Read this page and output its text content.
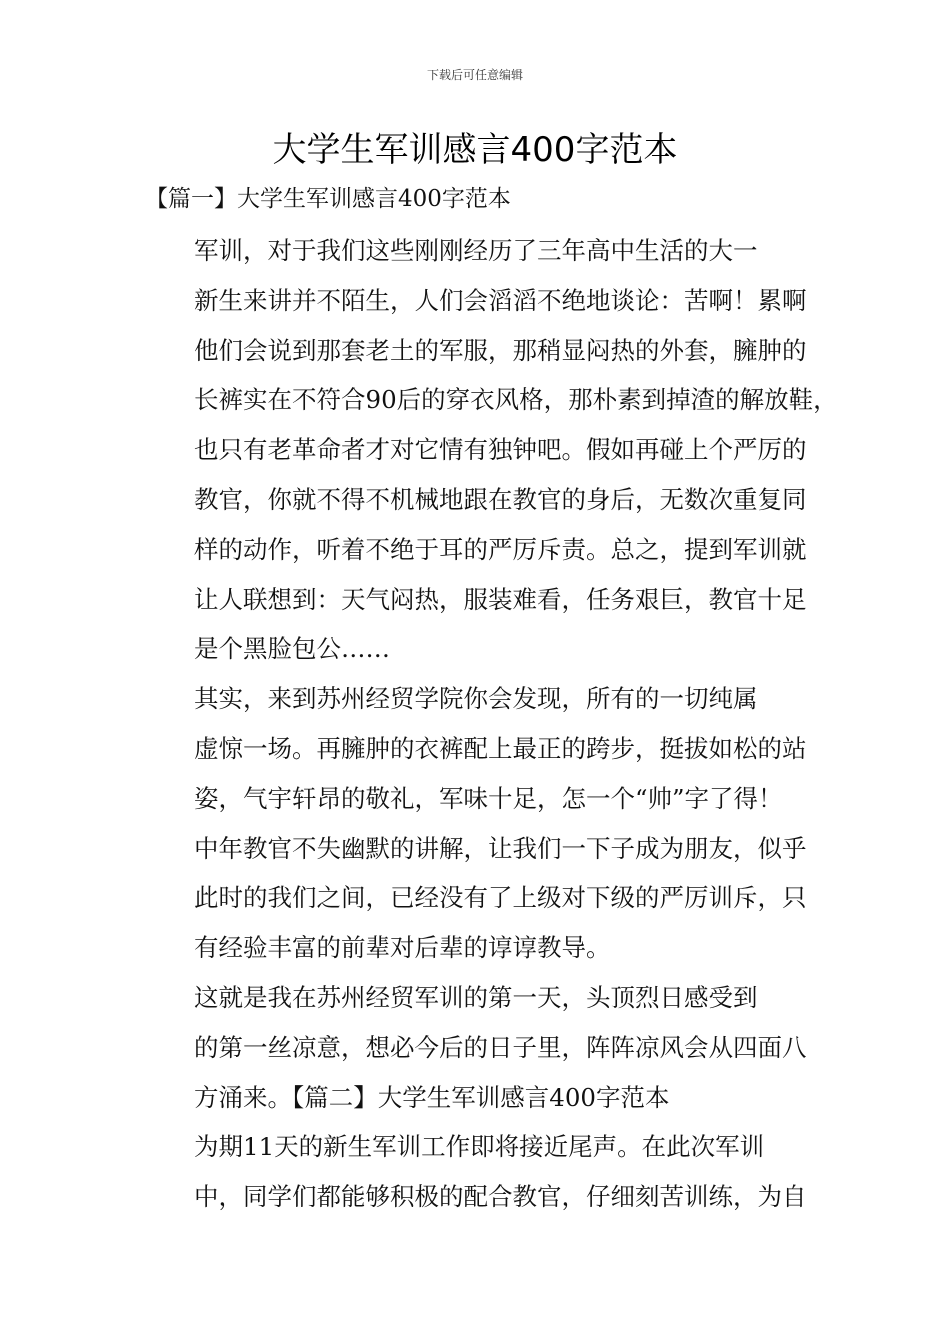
下载后可任意编辑
大学生军训感言400字范本
【篇一】大学生军训感言400字范本

军训，对于我们这些刚刚经历了三年高中生活的大一
新生来讲并不陌生，人们会滔滔不绝地谈论：苦啊！累啊
他们会说到那套老土的军服，那稍显闷热的外套，臃肿的
长裤实在不符合90后的穿衣风格，那朴素到掉渣的解放鞋，
也只有老革命者才对它情有独钟吧。假如再碰上个严厉的
教官，你就不得不机械地跟在教官的身后，无数次重复同
样的动作，听着不绝于耳的严厉斥责。总之，提到军训就
让人联想到：天气闷热，服装难看，任务艰巨，教官十足
是个黑脸包公……

其实，来到苏州经贸学院你会发现，所有的一切纯属
虚惊一场。再臃肿的衣裤配上最正的跨步，挺拔如松的站
姿，气宇轩昂的敬礼，军味十足，怎一个“帅”字了得！
中年教官不失幽默的讲解，让我们一下子成为朋友，似乎
此时的我们之间，已经没有了上级对下级的严厉训斥，只
有经验丰富的前辈对后辈的谆谆教导。

这就是我在苏州经贸军训的第一天，头顶烈日感受到
的第一丝凉意，想必今后的日子里，阵阵凉风会从四面八
方涌来。【篇二】大学生军训感言400字范本

为期11天的新生军训工作即将接近尾声。在此次军训
中，同学们都能够积极的配合教官，仔细刻苦训练，为自
